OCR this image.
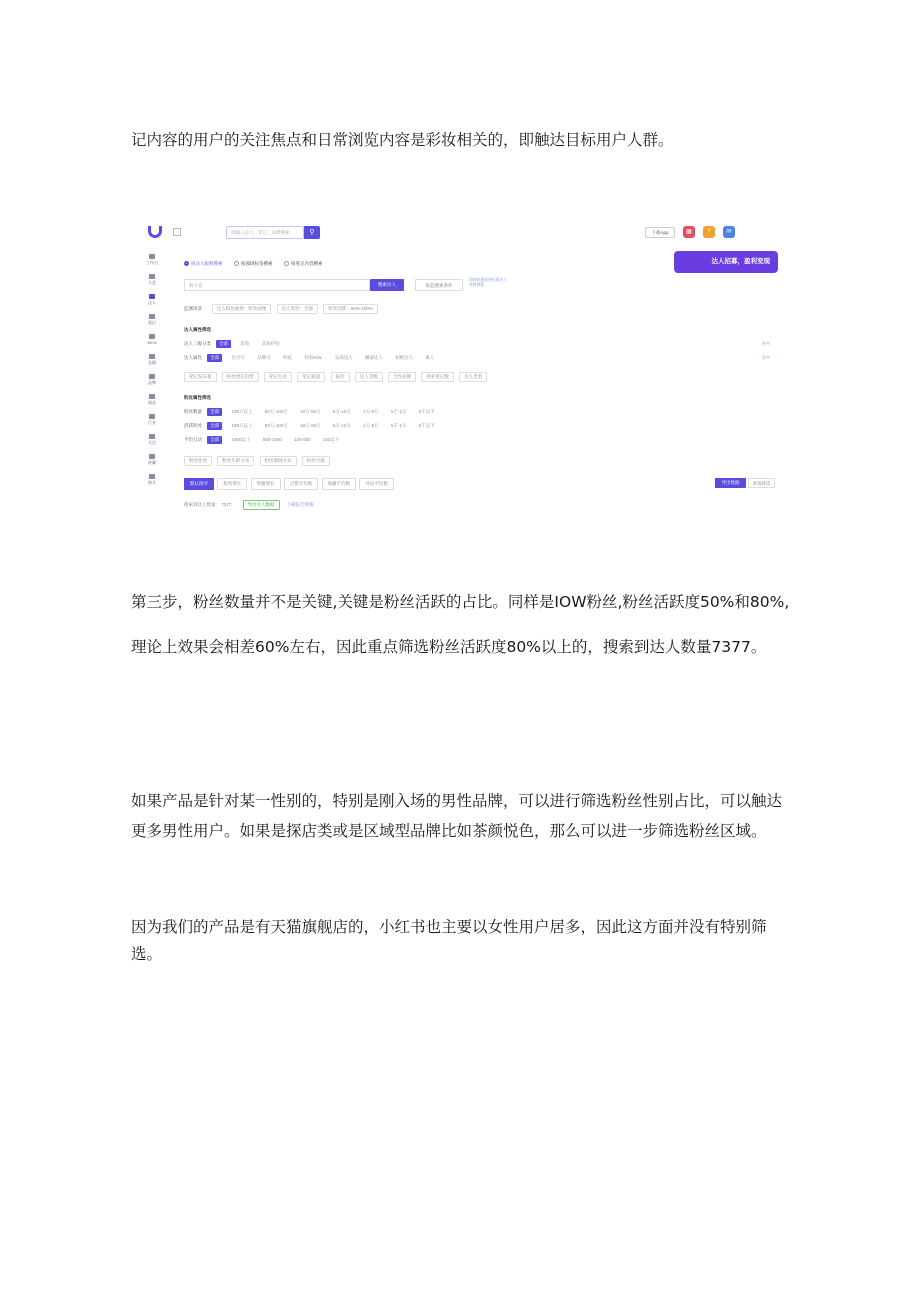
记内容的用户的关注焦点和日常浏览内容是彩妆相关的，即触达目标用户人群。

请输入达人、笔记、品牌搜索	⚲	下载App	▦	?	✉
工作台
大盘
达人
笔记
MCN
直播
品牌
商品
行业
关注
收藏
购买
按达人昵称搜索	按领域标签搜索	按笔记内容搜索	达人招募，盈利变现
粉卡安	搜索达人	收起搜索条件
如何快速找到优质达人
使用教程
监测场景： 达人粉丝画像：粉丝画像	达人类型：全部	粉丝活跃：80%-100%
达人属性筛选
达人二级分类 全部	彩妆	美妆护肤	更多
达人属性 全部	官方号	品牌号	明星	知名KOL	头部达人	腰部达人	初级达人	素人	更多
笔记发布量	粉丝增长趋势	笔记互动	笔记质量	报价	达人等级	合作品牌	商业笔记数	达人类型
粉丝属性筛选
粉丝数量 全部	100万以上	50万-100万	10万-50万	5万-10万	1万-5万	5千-1万	5千以下
活跃粉丝 全部	100万以上	50万-100万	10万-50万	5万-10万	1万-5万	5千-1万	5千以下
平均互动 全部	1000以上	500-1000	100-500	100以下
粉丝性别	粉丝年龄分布	粉丝地域分布	粉丝兴趣
默认排序	粉丝增长	赞藏增长	点赞平均数	收藏平均数	评论平均数	导出数据	重置筛选
搜索到达人数量： 7377	导出达人数据	下载报告模板

第三步，粉丝数量并不是关键,关键是粉丝活跃的占比。同样是IOW粉丝,粉丝活跃度50%和80%,理论上效果会相差60%左右，因此重点筛选粉丝活跃度80%以上的，搜索到达人数量7377。

如果产品是针对某一性别的，特别是刚入场的男性品牌，可以进行筛选粉丝性别占比，可以触达更多男性用户。如果是探店类或是区域型品牌比如茶颜悦色，那么可以进一步筛选粉丝区域。

因为我们的产品是有天猫旗舰店的，小红书也主要以女性用户居多，因此这方面并没有特别筛选。
